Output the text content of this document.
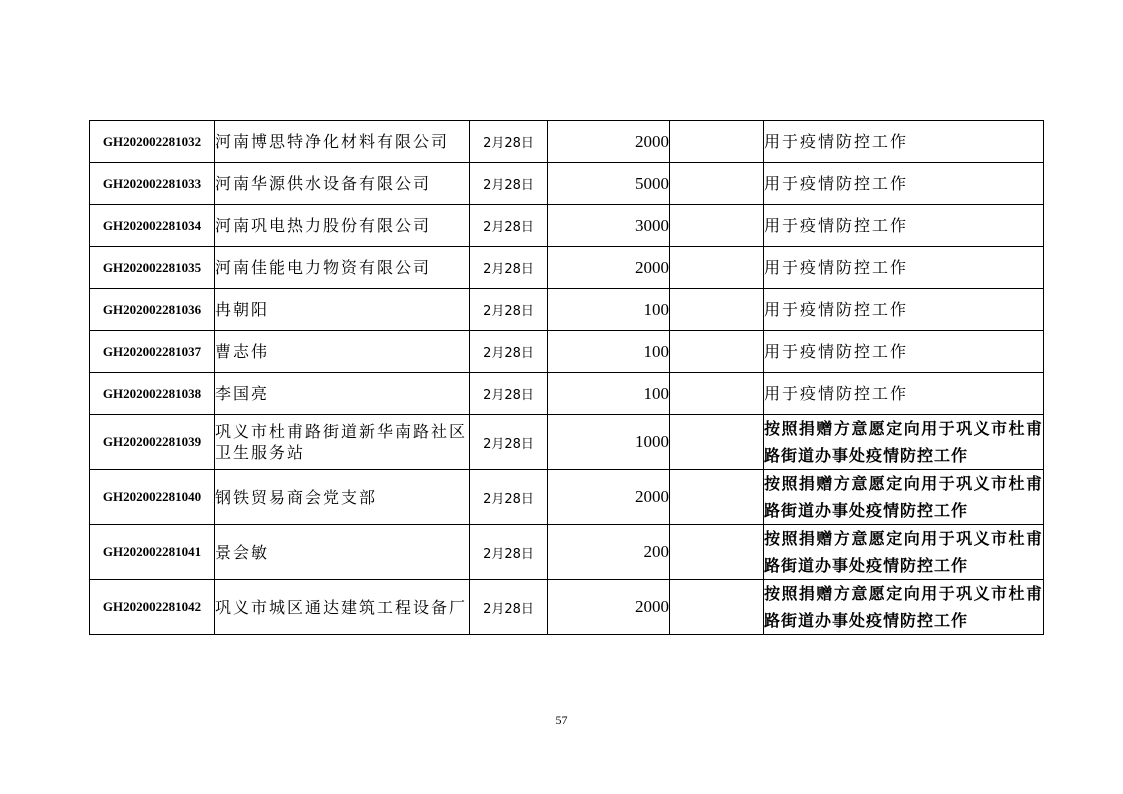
GH202002281032	河南博思特净化材料有限公司	2月28日	2000		用于疫情防控工作
GH202002281033	河南华源供水设备有限公司	2月28日	5000		用于疫情防控工作
GH202002281034	河南巩电热力股份有限公司	2月28日	3000		用于疫情防控工作
GH202002281035	河南佳能电力物资有限公司	2月28日	2000		用于疫情防控工作
GH202002281036	冉朝阳	2月28日	100		用于疫情防控工作
GH202002281037	曹志伟	2月28日	100		用于疫情防控工作
GH202002281038	李国亮	2月28日	100		用于疫情防控工作
GH202002281039	巩义市杜甫路街道新华南路社区卫生服务站	2月28日	1000		按照捐赠方意愿定向用于巩义市杜甫路街道办事处疫情防控工作
GH202002281040	钢铁贸易商会党支部	2月28日	2000		按照捐赠方意愿定向用于巩义市杜甫路街道办事处疫情防控工作
GH202002281041	景会敏	2月28日	200		按照捐赠方意愿定向用于巩义市杜甫路街道办事处疫情防控工作
GH202002281042	巩义市城区通达建筑工程设备厂	2月28日	2000		按照捐赠方意愿定向用于巩义市杜甫路街道办事处疫情防控工作
57
